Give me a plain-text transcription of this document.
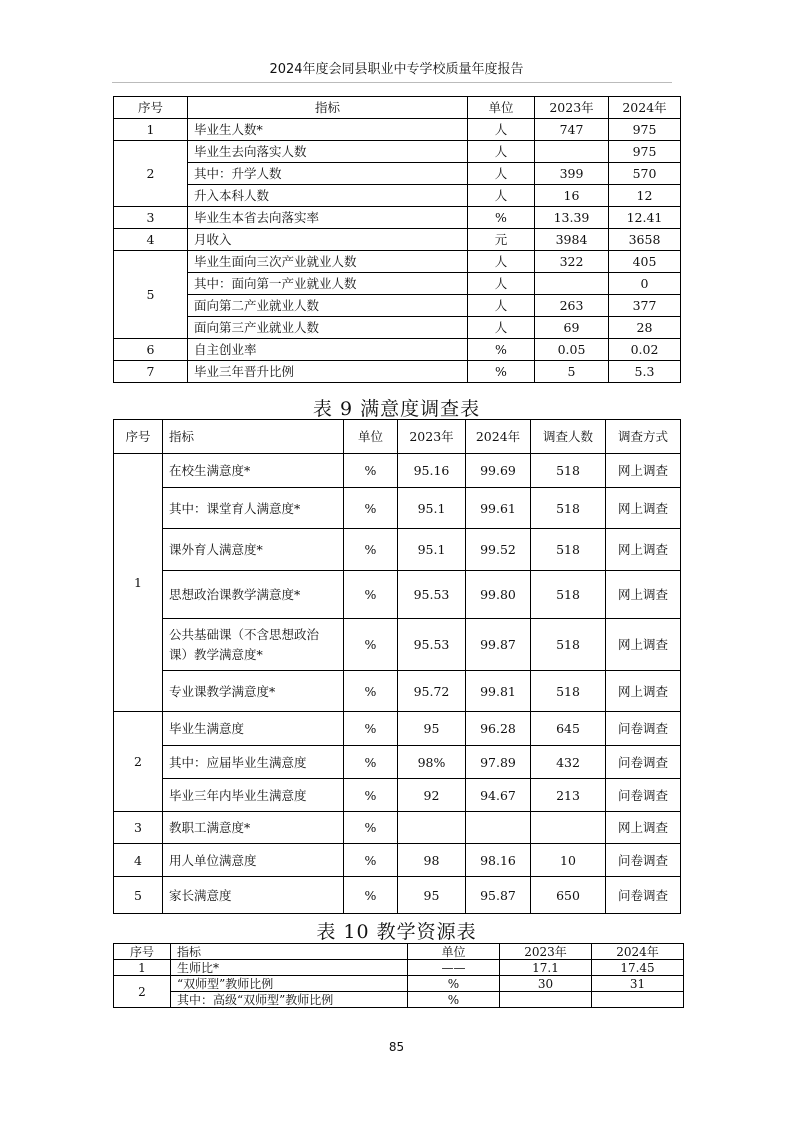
2024年度会同县职业中专学校质量年度报告
序号	指标	单位	2023年	2024年
1	毕业生人数*	人	747	975
2	毕业生去向落实人数	人		975
	其中：升学人数	人	399	570
	升入本科人数	人	16	12
3	毕业生本省去向落实率	%	13.39	12.41
4	月收入	元	3984	3658
5	毕业生面向三次产业就业人数	人	322	405
	其中：面向第一产业就业人数	人		0
	面向第二产业就业人数	人	263	377
	面向第三产业就业人数	人	69	28
6	自主创业率	%	0.05	0.02
7	毕业三年晋升比例	%	5	5.3
表 9 满意度调查表
序号	指标	单位	2023年	2024年	调查人数	调查方式
1	在校生满意度*	%	95.16	99.69	518	网上调查
	其中：课堂育人满意度*	%	95.1	99.61	518	网上调查
	课外育人满意度*	%	95.1	99.52	518	网上调查
	思想政治课教学满意度*	%	95.53	99.80	518	网上调查
	公共基础课（不含思想政治课）教学满意度*	%	95.53	99.87	518	网上调查
	专业课教学满意度*	%	95.72	99.81	518	网上调查
2	毕业生满意度	%	95	96.28	645	问卷调查
	其中：应届毕业生满意度	%	98%	97.89	432	问卷调查
	毕业三年内毕业生满意度	%	92	94.67	213	问卷调查
3	教职工满意度*	%				网上调查
4	用人单位满意度	%	98	98.16	10	问卷调查
5	家长满意度	%	95	95.87	650	问卷调查
表 10 教学资源表
序号	指标	单位	2023年	2024年
1	生师比*	——	17.1	17.45
2	“双师型”教师比例	%	30	31
	其中：高级“双师型”教师比例	%		
85
